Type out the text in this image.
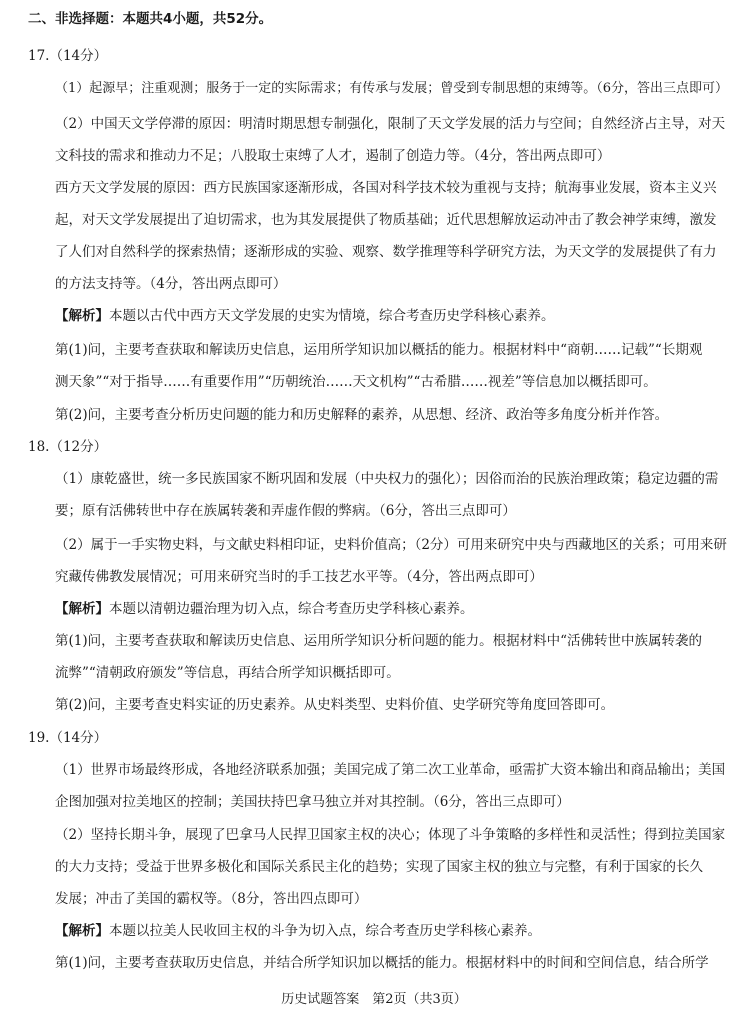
二、非选择题：本题共4小题，共52分。
17.（14分）
（1）起源早；注重观测；服务于一定的实际需求；有传承与发展；曾受到专制思想的束缚等。（6分，答出三点即可）
（2）中国天文学停滞的原因：明清时期思想专制强化，限制了天文学发展的活力与空间；自然经济占主导，对天
文科技的需求和推动力不足；八股取士束缚了人才，遏制了创造力等。（4分，答出两点即可）
西方天文学发展的原因：西方民族国家逐渐形成，各国对科学技术较为重视与支持；航海事业发展，资本主义兴
起，对天文学发展提出了迫切需求，也为其发展提供了物质基础；近代思想解放运动冲击了教会神学束缚，激发
了人们对自然科学的探索热情；逐渐形成的实验、观察、数学推理等科学研究方法，为天文学的发展提供了有力
的方法支持等。（4分，答出两点即可）
【解析】本题以古代中西方天文学发展的史实为情境，综合考查历史学科核心素养。
第(1)问，主要考查获取和解读历史信息，运用所学知识加以概括的能力。根据材料中“商朝……记载”“长期观
测天象”“对于指导……有重要作用”“历朝统治……天文机构”“古希腊……视差”等信息加以概括即可。
第(2)问，主要考查分析历史问题的能力和历史解释的素养，从思想、经济、政治等多角度分析并作答。
18.（12分）
（1）康乾盛世，统一多民族国家不断巩固和发展（中央权力的强化）；因俗而治的民族治理政策；稳定边疆的需
要；原有活佛转世中存在族属转袭和弄虚作假的弊病。（6分，答出三点即可）
（2）属于一手实物史料，与文献史料相印证，史料价值高；（2分）可用来研究中央与西藏地区的关系；可用来研
究藏传佛教发展情况；可用来研究当时的手工技艺水平等。（4分，答出两点即可）
【解析】本题以清朝边疆治理为切入点，综合考查历史学科核心素养。
第(1)问，主要考查获取和解读历史信息、运用所学知识分析问题的能力。根据材料中“活佛转世中族属转袭的
流弊”“清朝政府颁发”等信息，再结合所学知识概括即可。
第(2)问，主要考查史料实证的历史素养。从史料类型、史料价值、史学研究等角度回答即可。
19.（14分）
（1）世界市场最终形成，各地经济联系加强；美国完成了第二次工业革命，亟需扩大资本输出和商品输出；美国
企图加强对拉美地区的控制；美国扶持巴拿马独立并对其控制。（6分，答出三点即可）
（2）坚持长期斗争，展现了巴拿马人民捍卫国家主权的决心；体现了斗争策略的多样性和灵活性；得到拉美国家
的大力支持；受益于世界多极化和国际关系民主化的趋势；实现了国家主权的独立与完整，有利于国家的长久
发展；冲击了美国的霸权等。（8分，答出四点即可）
【解析】本题以拉美人民收回主权的斗争为切入点，综合考查历史学科核心素养。
第(1)问，主要考查获取历史信息，并结合所学知识加以概括的能力。根据材料中的时间和空间信息，结合所学
历史试题答案　第2页（共3页）
